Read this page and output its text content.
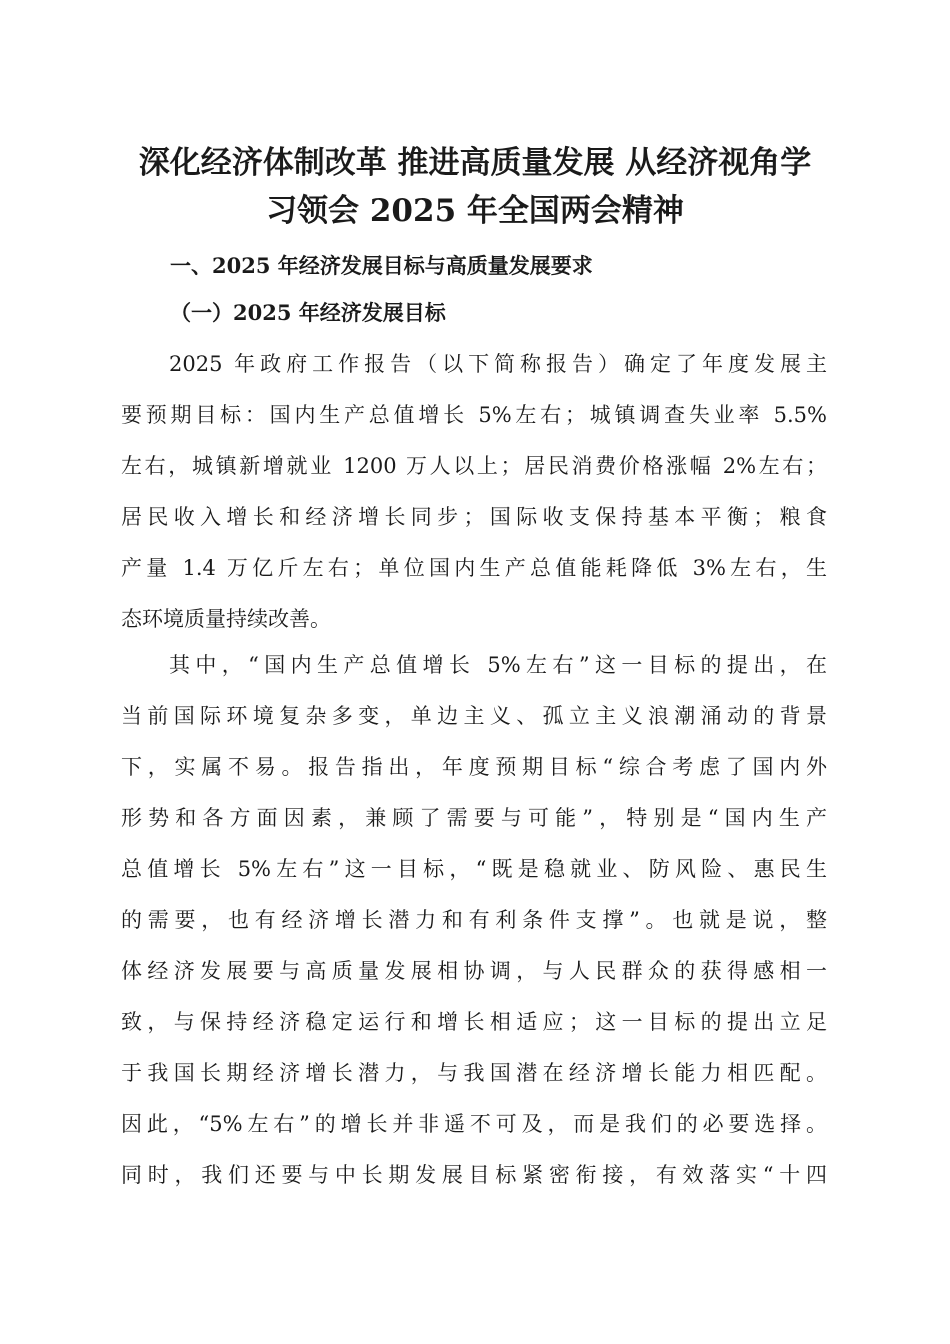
深化经济体制改革 推进高质量发展 从经济视角学
习领会 2025 年全国两会精神
一、2025 年经济发展目标与高质量发展要求
（一）2025 年经济发展目标
2025 年政府工作报告（以下简称报告）确定了年度发展主
要预期目标：国内生产总值增长 5%左右；城镇调查失业率 5.5%
左右，城镇新增就业 1200 万人以上；居民消费价格涨幅 2%左右；
居民收入增长和经济增长同步；国际收支保持基本平衡；粮食
产量 1.4 万亿斤左右；单位国内生产总值能耗降低 3%左右，生
态环境质量持续改善。
其中，“国内生产总值增长 5%左右”这一目标的提出，在
当前国际环境复杂多变，单边主义、孤立主义浪潮涌动的背景
下，实属不易。报告指出，年度预期目标“综合考虑了国内外
形势和各方面因素，兼顾了需要与可能”，特别是“国内生产
总值增长 5%左右”这一目标，“既是稳就业、防风险、惠民生
的需要，也有经济增长潜力和有利条件支撑”。也就是说，整
体经济发展要与高质量发展相协调，与人民群众的获得感相一
致，与保持经济稳定运行和增长相适应；这一目标的提出立足
于我国长期经济增长潜力，与我国潜在经济增长能力相匹配。
因此，“5%左右”的增长并非遥不可及，而是我们的必要选择。
同时，我们还要与中长期发展目标紧密衔接，有效落实“十四
